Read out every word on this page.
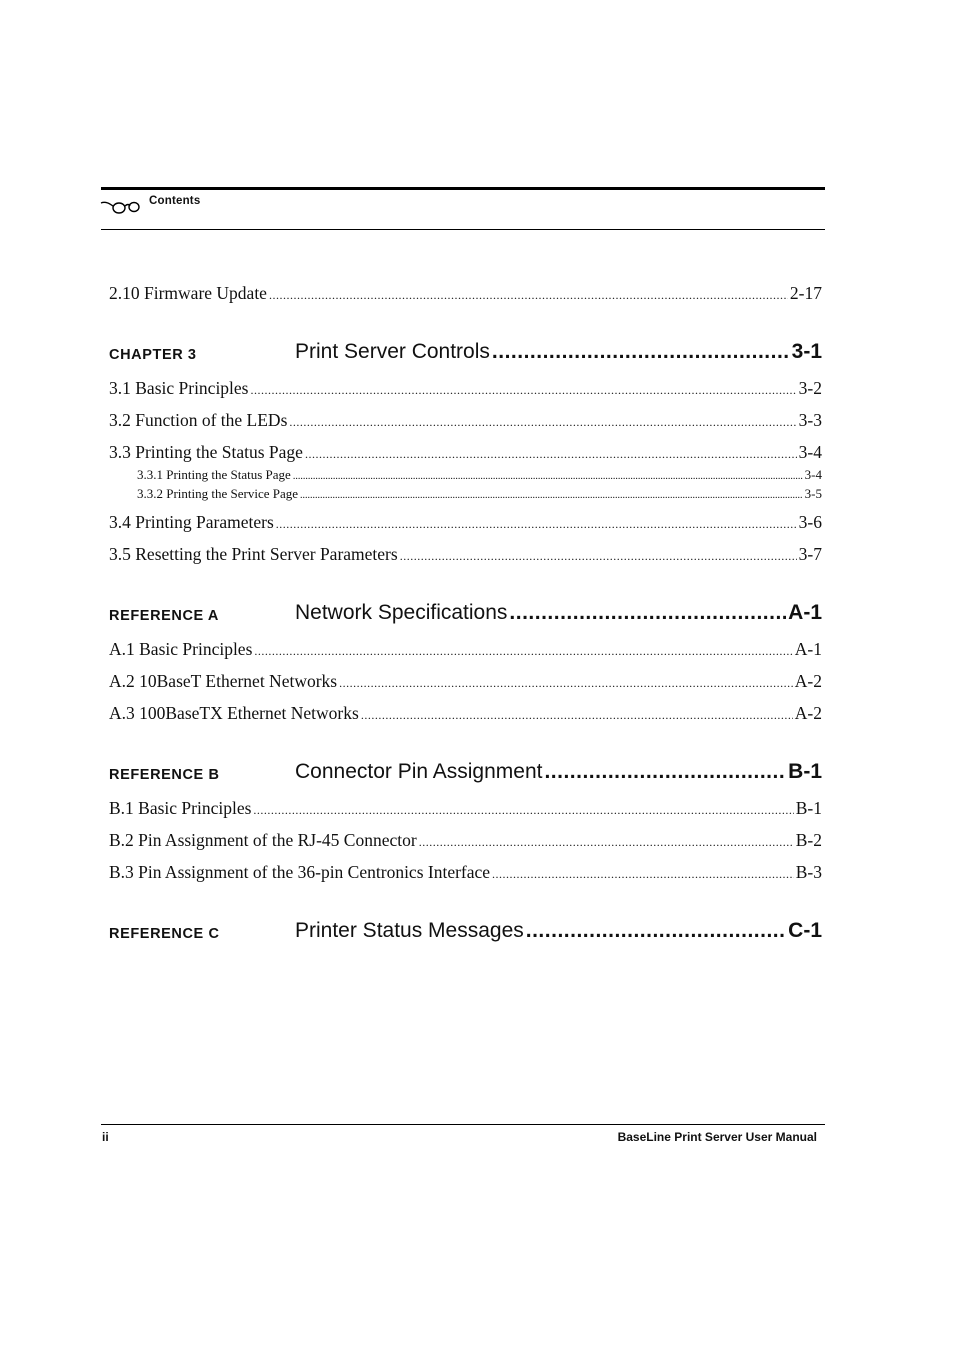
Contents
2.10 Firmware Update .....	2-17
CHAPTER 3	Print Server Controls .....	3-1
3.1 Basic Principles .....	3-2
3.2 Function of the LEDs .....	3-3
3.3 Printing the Status Page .....	3-4
3.3.1 Printing the Status Page .....	3-4
3.3.2 Printing the Service Page .....	3-5
3.4 Printing Parameters .....	3-6
3.5 Resetting the Print Server Parameters .....	3-7
REFERENCE A	Network Specifications .....	A-1
A.1 Basic Principles .....	A-1
A.2 10BaseT Ethernet Networks .....	A-2
A.3 100BaseTX Ethernet Networks .....	A-2
REFERENCE B	Connector Pin Assignment .....	B-1
B.1 Basic Principles .....	B-1
B.2 Pin Assignment of the RJ-45 Connector .....	B-2
B.3 Pin Assignment of the 36-pin Centronics Interface .....	B-3
REFERENCE C	Printer Status Messages .....	C-1
ii	BaseLine Print Server User Manual
